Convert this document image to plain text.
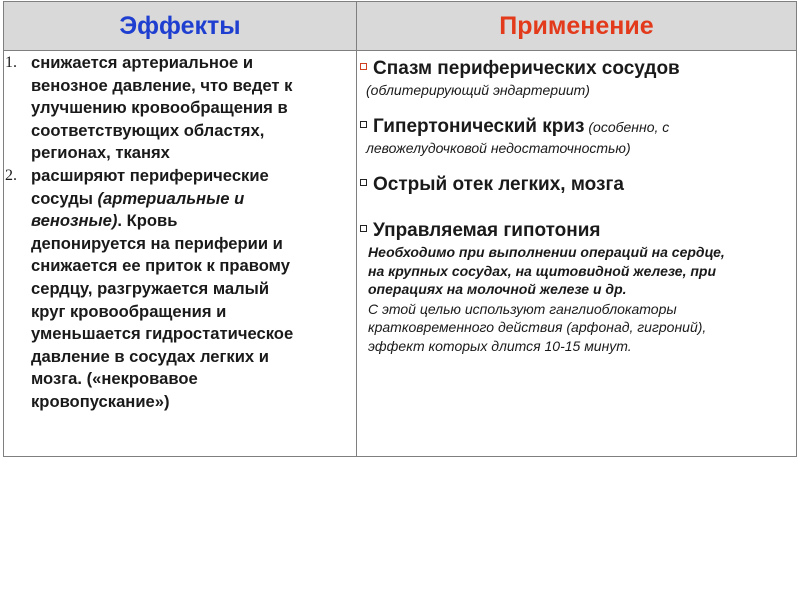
Эффекты	Применение
1. снижается артериальное и
венозное давление, что ведет к
улучшению кровообращения в
соответствующих областях,
регионах, тканях
2. расширяют периферические
сосуды (артериальные и
венозные). Кровь
депонируется на периферии и
снижается ее приток к правому
сердцу, разгружается малый
круг кровообращения и
уменьшается гидростатическое
давление в сосудах легких и
мозга. («некровавое
кровопускание»)
Спазм периферических сосудов
(облитерирующий эндартериит)
Гипертонический криз (особенно, с
левожелудочковой недостаточностью)
Острый отек легких, мозга
Управляемая гипотония
Необходимо при выполнении операций на сердце,
на крупных сосудах, на щитовидной железе, при
операциях на молочной железе и др.
С этой целью используют ганглиоблокаторы
кратковременного действия (арфонад, гигроний),
эффект которых длится 10-15 минут.
